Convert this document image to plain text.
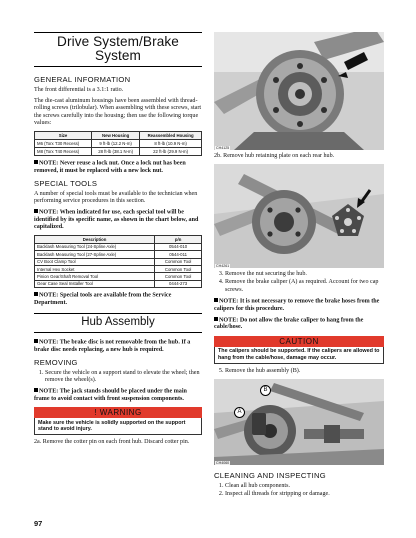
Drive System/Brake System
GENERAL INFORMATION

The front differential is a 3.1:1 ratio.

The die-cast aluminum housings have been assembled with thread-rolling screws (trilobular). When assembling with these screws, start the screws carefully into the housing; then use the following torque values:

Size	New Housing	Reassembled Housing
M6 (Torx T30 Recess)	9 ft-lb (12.2 N-m)	8 ft-lb (10.9 N-m)
M8 (Torx T40 Recess)	28 ft-lb (38.1 N-m)	22 ft-lb (29.9 N-m)
NOTE: Never reuse a lock nut. Once a lock nut has been removed, it must be replaced with a new lock nut.
SPECIAL TOOLS

A number of special tools must be available to the technician when performing service procedures in this section.

NOTE: When indicated for use, each special tool will be identified by its specific name, as shown in the chart below, and capitalized.
Description	p/n
Backlash Measuring Tool (24-Spline Axle)	0544-010
Backlash Measuring Tool (27-Spline Axle)	0544-011
CV Boot Clamp Tool	Common Tool
Internal Hex Socket	Common Tool
Pinion Gear/Shaft Removal Tool	Common Tool
Gear Case Seal Installer Tool	0444-273
NOTE: Special tools are available from the Service Department.
Hub Assembly
NOTE: The brake disc is not removable from the hub. If a brake disc needs replacing, a new hub is required.
REMOVING
1. Secure the vehicle on a support stand to elevate the wheel; then remove the wheel(s).
NOTE: The jack stands should be placed under the main frame to avoid contact with front suspension components.
! WARNING
Make sure the vehicle is solidly supported on the support stand to avoid injury.

2a. Remove the cotter pin on each front hub. Discard cotter pin.

97
CH4125

2b. Remove hub retaining plate on each rear hub.

CH4261
3. Remove the nut securing the hub.
4. Remove the brake caliper (A) as required. Account for two cap screws.
NOTE: It is not necessary to remove the brake hoses from the calipers for this procedure.
NOTE: Do not allow the brake caliper to hang from the cable/hose.
CAUTION
The calipers should be supported. If the calipers are allowed to hang from the cable/hose, damage may occur.
5. Remove the hub assembly (B).
B
A
CH4060
CLEANING AND INSPECTING
1. Clean all hub components.
2. Inspect all threads for stripping or damage.
